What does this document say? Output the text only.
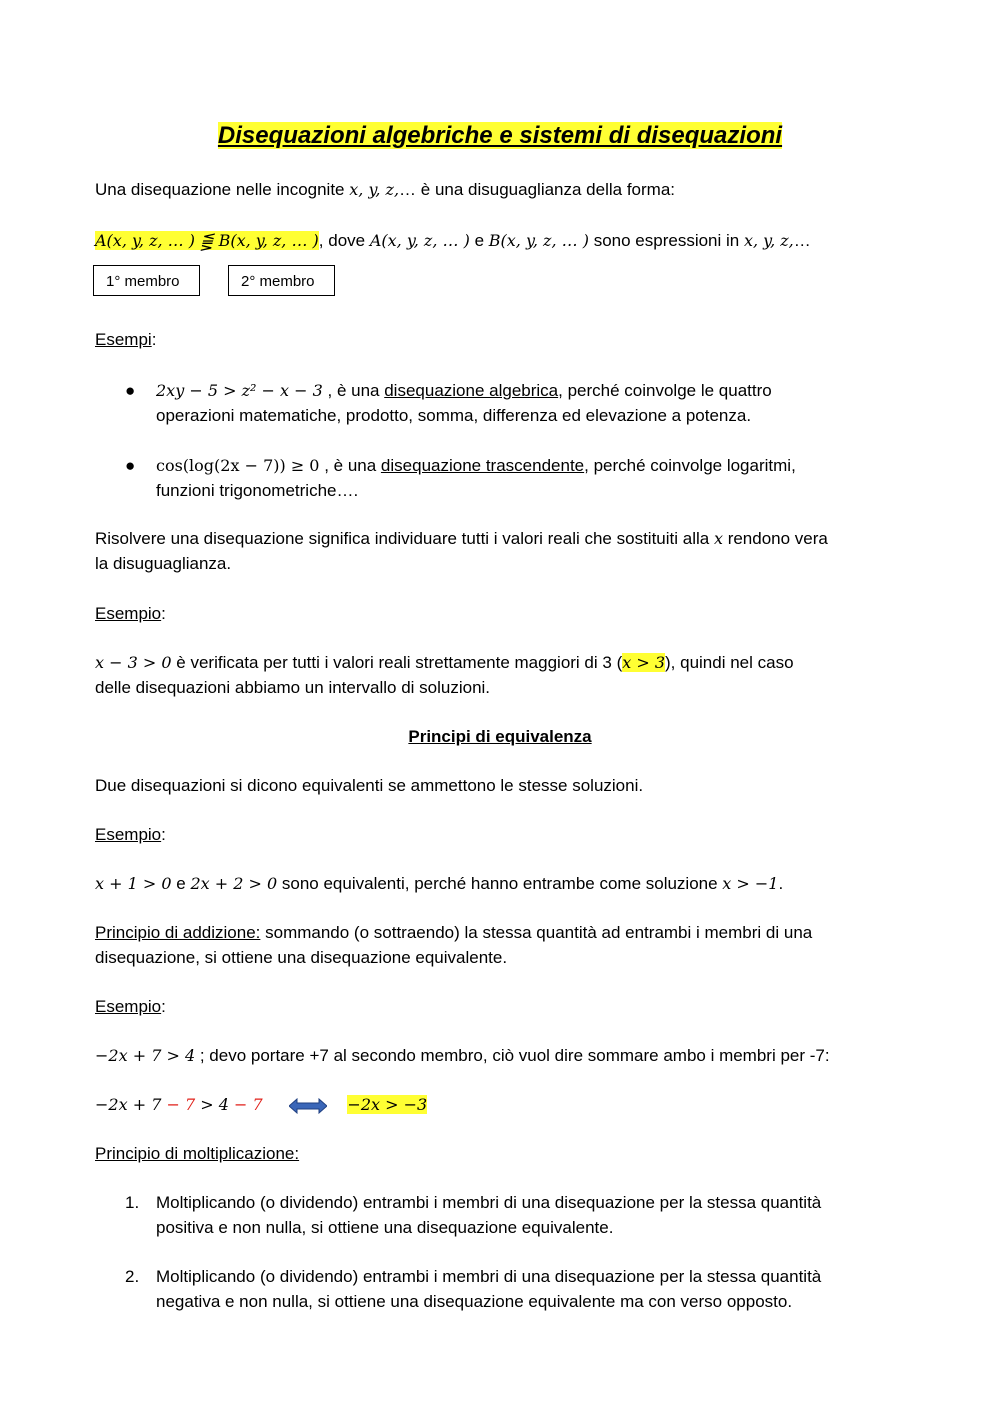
Disequazioni algebriche e sistemi di disequazioni
Una disequazione nelle incognite x, y, z,… è una disuguaglianza della forma:
A(x, y, z, … ) ⪋ B(x, y, z, … ), dove A(x, y, z, … ) e B(x, y, z, … ) sono espressioni in x, y, z,…
1° membro	2° membro
Esempi:
● 2xy − 5 > z² − x − 3 , è una disequazione algebrica, perché coinvolge le quattro
operazioni matematiche, prodotto, somma, differenza ed elevazione a potenza.
● cos(log(2x − 7)) ≥ 0 , è una disequazione trascendente, perché coinvolge logaritmi,
funzioni trigonometriche….
Risolvere una disequazione significa individuare tutti i valori reali che sostituiti alla x rendono vera
la disuguaglianza.
Esempio:
x − 3 > 0 è verificata per tutti i valori reali strettamente maggiori di 3 (x > 3), quindi nel caso
delle disequazioni abbiamo un intervallo di soluzioni.
Principi di equivalenza
Due disequazioni si dicono equivalenti se ammettono le stesse soluzioni.
Esempio:
x + 1 > 0 e 2x + 2 > 0 sono equivalenti, perché hanno entrambe come soluzione x > −1.
Principio di addizione: sommando (o sottraendo) la stessa quantità ad entrambi i membri di una
disequazione, si ottiene una disequazione equivalente.
Esempio:
−2x + 7 > 4 ; devo portare +7 al secondo membro, ciò vuol dire sommare ambo i membri per -7:
−2x + 7 − 7 > 4 − 7	−2x > −3
Principio di moltiplicazione:
1. Moltiplicando (o dividendo) entrambi i membri di una disequazione per la stessa quantità
positiva e non nulla, si ottiene una disequazione equivalente.
2. Moltiplicando (o dividendo) entrambi i membri di una disequazione per la stessa quantità
negativa e non nulla, si ottiene una disequazione equivalente ma con verso opposto.
